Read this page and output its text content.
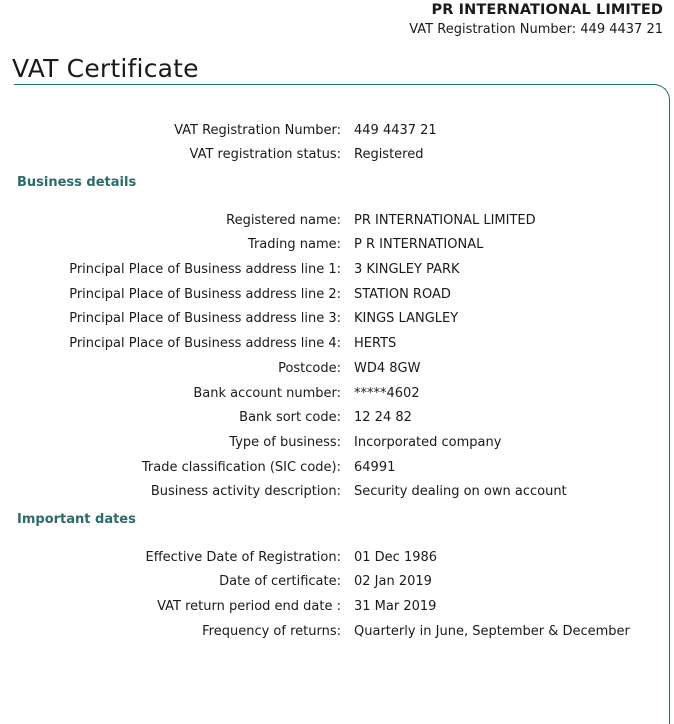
PR INTERNATIONAL LIMITED
VAT Registration Number: 449 4437 21
VAT Certificate
VAT Registration Number: 449 4437 21
VAT registration status: Registered
Business details
Registered name: PR INTERNATIONAL LIMITED
Trading name: P R INTERNATIONAL
Principal Place of Business address line 1: 3 KINGLEY PARK
Principal Place of Business address line 2: STATION ROAD
Principal Place of Business address line 3: KINGS LANGLEY
Principal Place of Business address line 4: HERTS
Postcode: WD4 8GW
Bank account number: *****4602
Bank sort code: 12 24 82
Type of business: Incorporated company
Trade classification (SIC code): 64991
Business activity description: Security dealing on own account
Important dates
Effective Date of Registration: 01 Dec 1986
Date of certificate: 02 Jan 2019
VAT return period end date : 31 Mar 2019
Frequency of returns: Quarterly in June, September & December
